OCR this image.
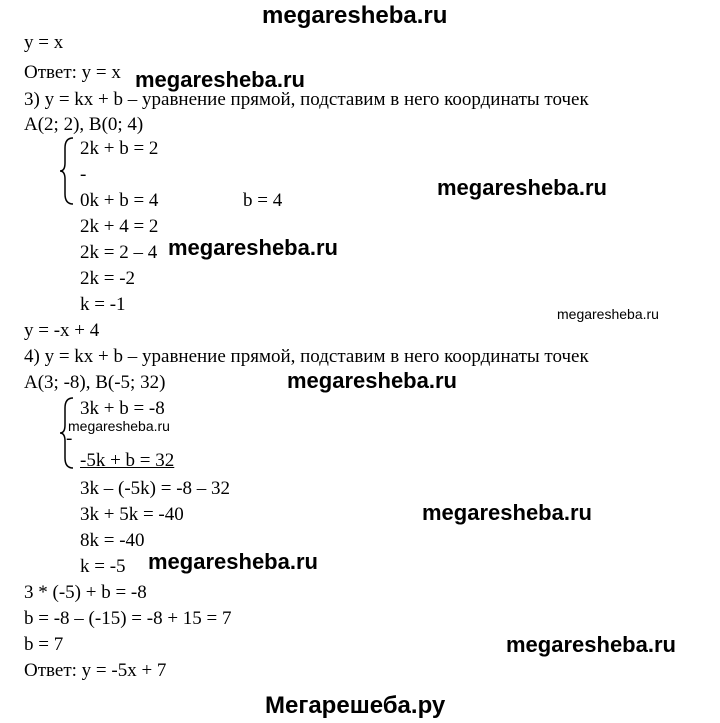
megaresheba.ru
y = x
Ответ: y = x megaresheba.ru
3) y = kx + b – уравнение прямой, подставим в него координаты точек
A(2; 2), B(0; 4)
2k + b = 2
-
0k + b = 4	b = 4
megaresheba.ru
2k + 4 = 2
2k = 2 – 4 megaresheba.ru
2k = -2
k = -1	megaresheba.ru
y = -x + 4
4) y = kx + b – уравнение прямой, подставим в него координаты точек
A(3; -8), B(-5; 32)	megaresheba.ru
3k + b = -8
megaresheba.ru
-
-5k + b = 32
3k – (-5k) = -8 – 32
3k + 5k = -40	megaresheba.ru
8k = -40
megaresheba.ru
k = -5
3 * (-5) + b = -8
b = -8 – (-15) = -8 + 15 = 7
b = 7	megaresheba.ru
Ответ: y = -5x + 7
Мегарешеба.ру
